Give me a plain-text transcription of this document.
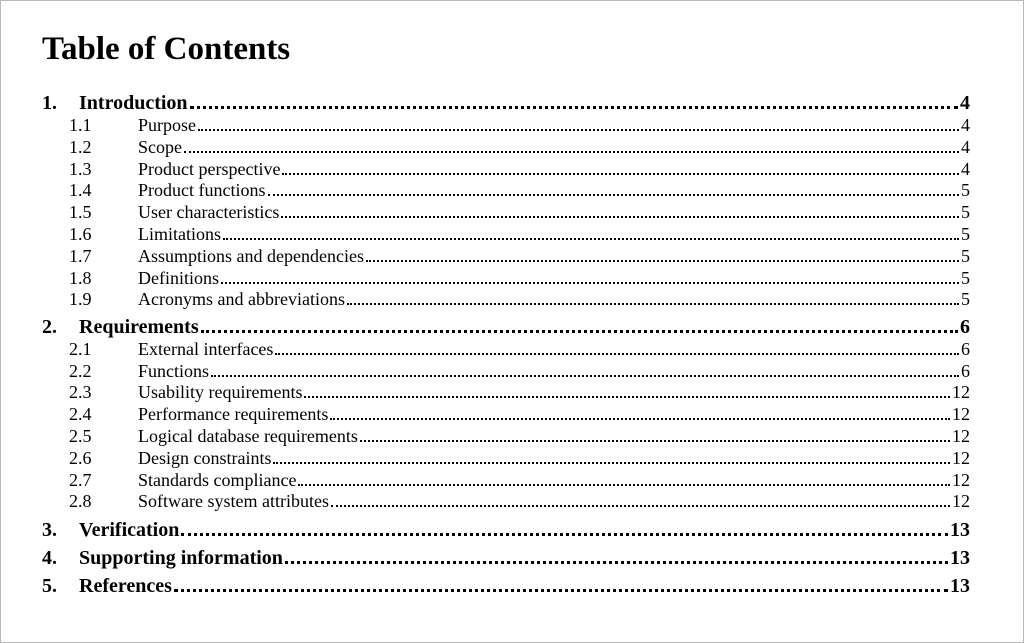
Table of Contents
1.	Introduction	4
1.1	Purpose	4
1.2	Scope	4
1.3	Product perspective	4
1.4	Product functions	5
1.5	User characteristics	5
1.6	Limitations	5
1.7	Assumptions and dependencies	5
1.8	Definitions	5
1.9	Acronyms and abbreviations	5
2.	Requirements	6
2.1	External interfaces	6
2.2	Functions	6
2.3	Usability requirements	12
2.4	Performance requirements	12
2.5	Logical database requirements	12
2.6	Design constraints	12
2.7	Standards compliance	12
2.8	Software system attributes	12
3.	Verification	13
4.	Supporting information	13
5.	References	13
